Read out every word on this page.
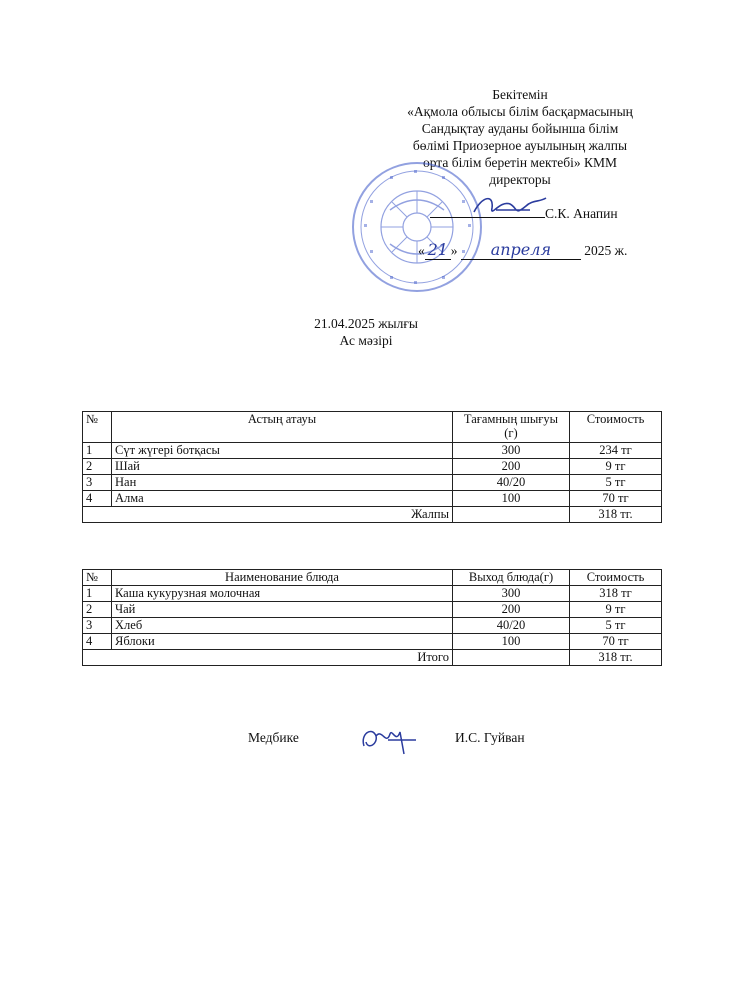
Бекітемін
«Ақмола облысы білім басқармасының
Сандықтау ауданы бойынша білім
бөлімі Приозерное ауылының жалпы
орта білім беретін мектебі» КММ
директоры
С.К. Анапин
« 21 » апреля 2025 ж.
21.04.2025 жылғы
Ас мәзірі
№	Астың атауы	Тағамның шығуы (г)	Стоимость
1	Сүт жүгері ботқасы	300	234 тг
2	Шай	200	9 тг
3	Нан	40/20	5 тг
4	Алма	100	70 тг
Жалпы			318 тг.
№	Наименование блюда	Выход блюда(г)	Стоимость
1	Каша кукурузная молочная	300	318 тг
2	Чай	200	9 тг
3	Хлеб	40/20	5 тг
4	Яблоки	100	70 тг
Итого			318 тг.
Медбике	И.С. Гуйван
